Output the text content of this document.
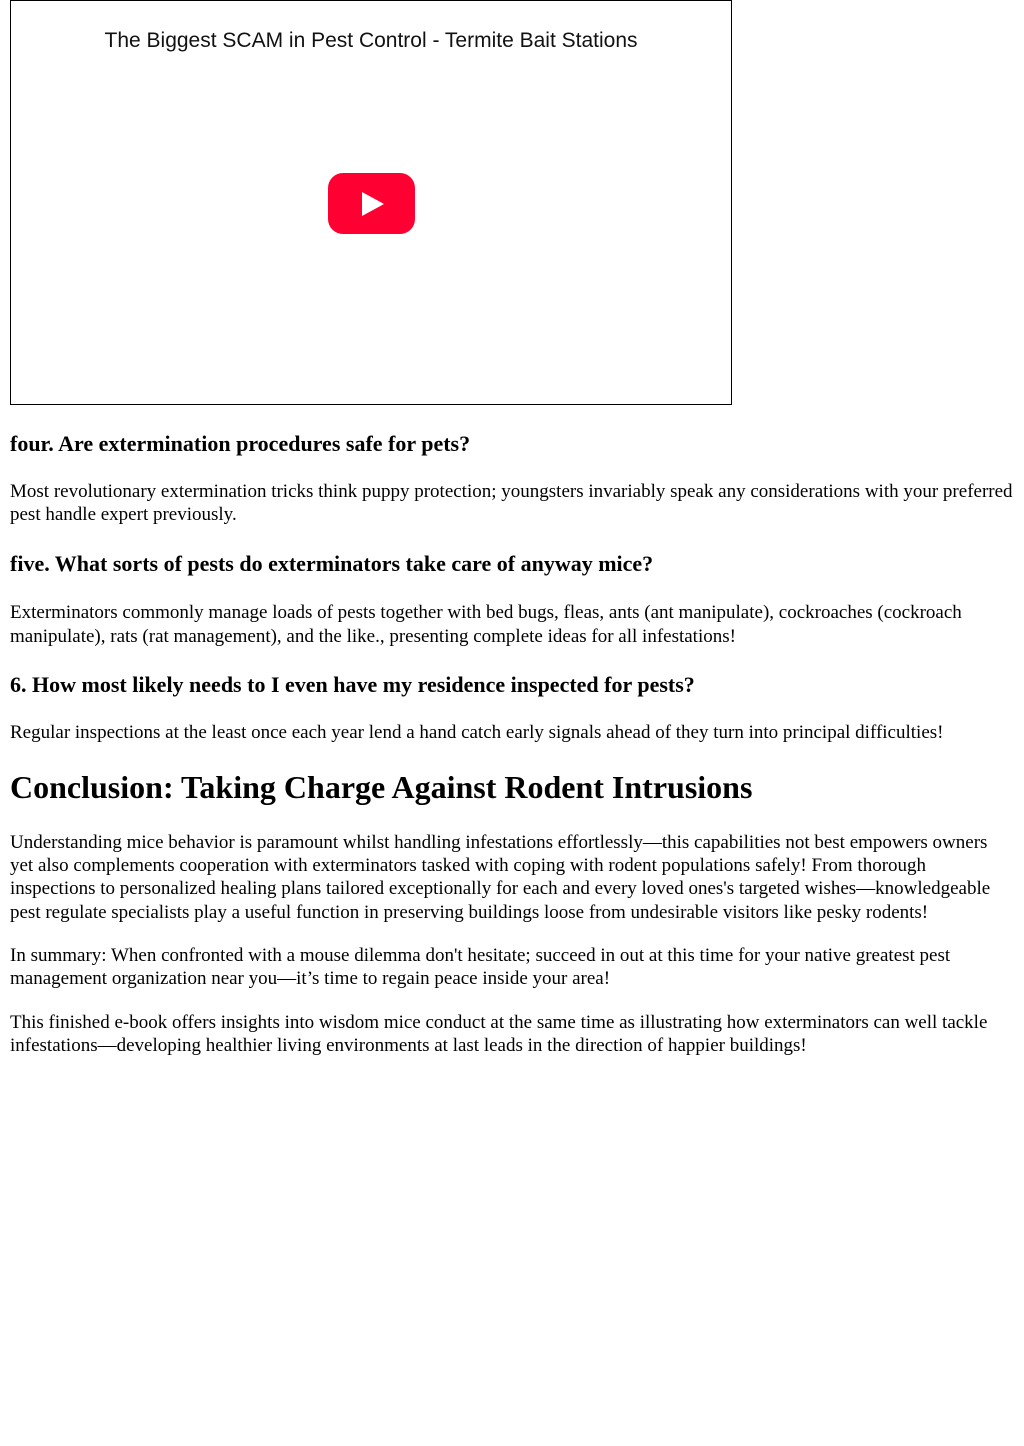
The Biggest SCAM in Pest Control - Termite Bait Stations
four. Are extermination procedures safe for pets?

Most revolutionary extermination tricks think puppy protection; youngsters invariably speak any considerations with your preferred pest handle expert previously.

five. What sorts of pests do exterminators take care of anyway mice?

Exterminators commonly manage loads of pests together with bed bugs, fleas, ants (ant manipulate), cockroaches (cockroach manipulate), rats (rat management), and the like., presenting complete ideas for all infestations!

6. How most likely needs to I even have my residence inspected for pests?

Regular inspections at the least once each year lend a hand catch early signals ahead of they turn into principal difficulties!

Conclusion: Taking Charge Against Rodent Intrusions

Understanding mice behavior is paramount whilst handling infestations effortlessly—this capabilities not best empowers owners yet also complements cooperation with exterminators tasked with coping with rodent populations safely! From thorough inspections to personalized healing plans tailored exceptionally for each and every loved ones's targeted wishes—knowledgeable pest regulate specialists play a useful function in preserving buildings loose from undesirable visitors like pesky rodents!

In summary: When confronted with a mouse dilemma don't hesitate; succeed in out at this time for your native greatest pest management organization near you—it’s time to regain peace inside your area!

This finished e-book offers insights into wisdom mice conduct at the same time as illustrating how exterminators can well tackle infestations—developing healthier living environments at last leads in the direction of happier buildings!
